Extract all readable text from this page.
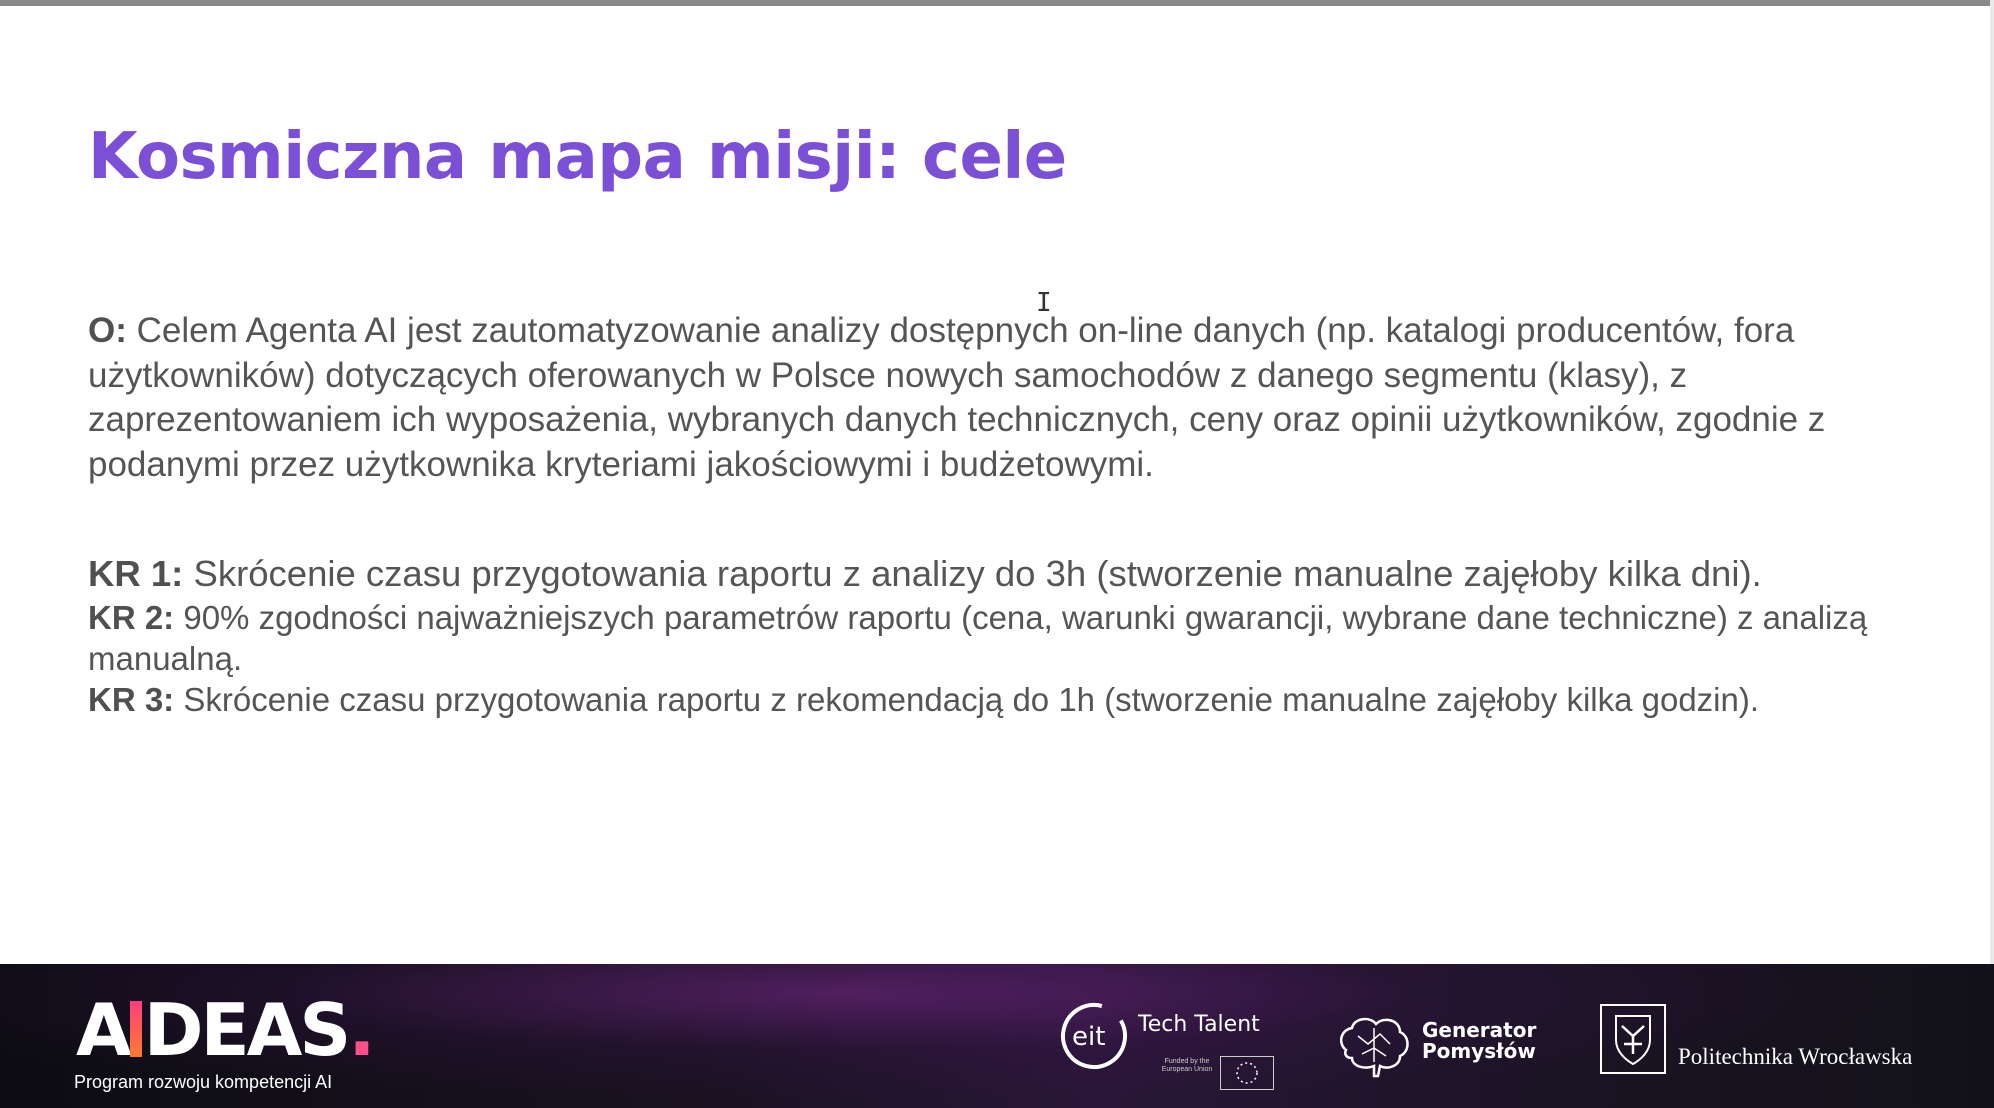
Kosmiczna mapa misji: cele
I

O: Celem Agenta AI jest zautomatyzowanie analizy dostępnych on-line danych (np. katalogi producentów, fora użytkowników) dotyczących oferowanych w Polsce nowych samochodów z danego segmentu (klasy), z zaprezentowaniem ich wyposażenia, wybranych danych technicznych, ceny oraz opinii użytkowników, zgodnie z podanymi przez użytkownika kryteriami jakościowymi i budżetowymi.

KR 1: Skrócenie czasu przygotowania raportu z analizy do 3h (stworzenie manualne zajęłoby kilka dni).

KR 2: 90% zgodności najważniejszych parametrów raportu (cena, warunki gwarancji, wybrane dane techniczne) z analizą manualną.

KR 3: Skrócenie czasu przygotowania raportu z rekomendacją do 1h (stworzenie manualne zajęłoby kilka godzin).

A DEAS.
Program rozwoju kompetencji AI
eit Tech Talent
Funded by the European Union
Generator
Pomysłów	Politechnika Wrocławska
